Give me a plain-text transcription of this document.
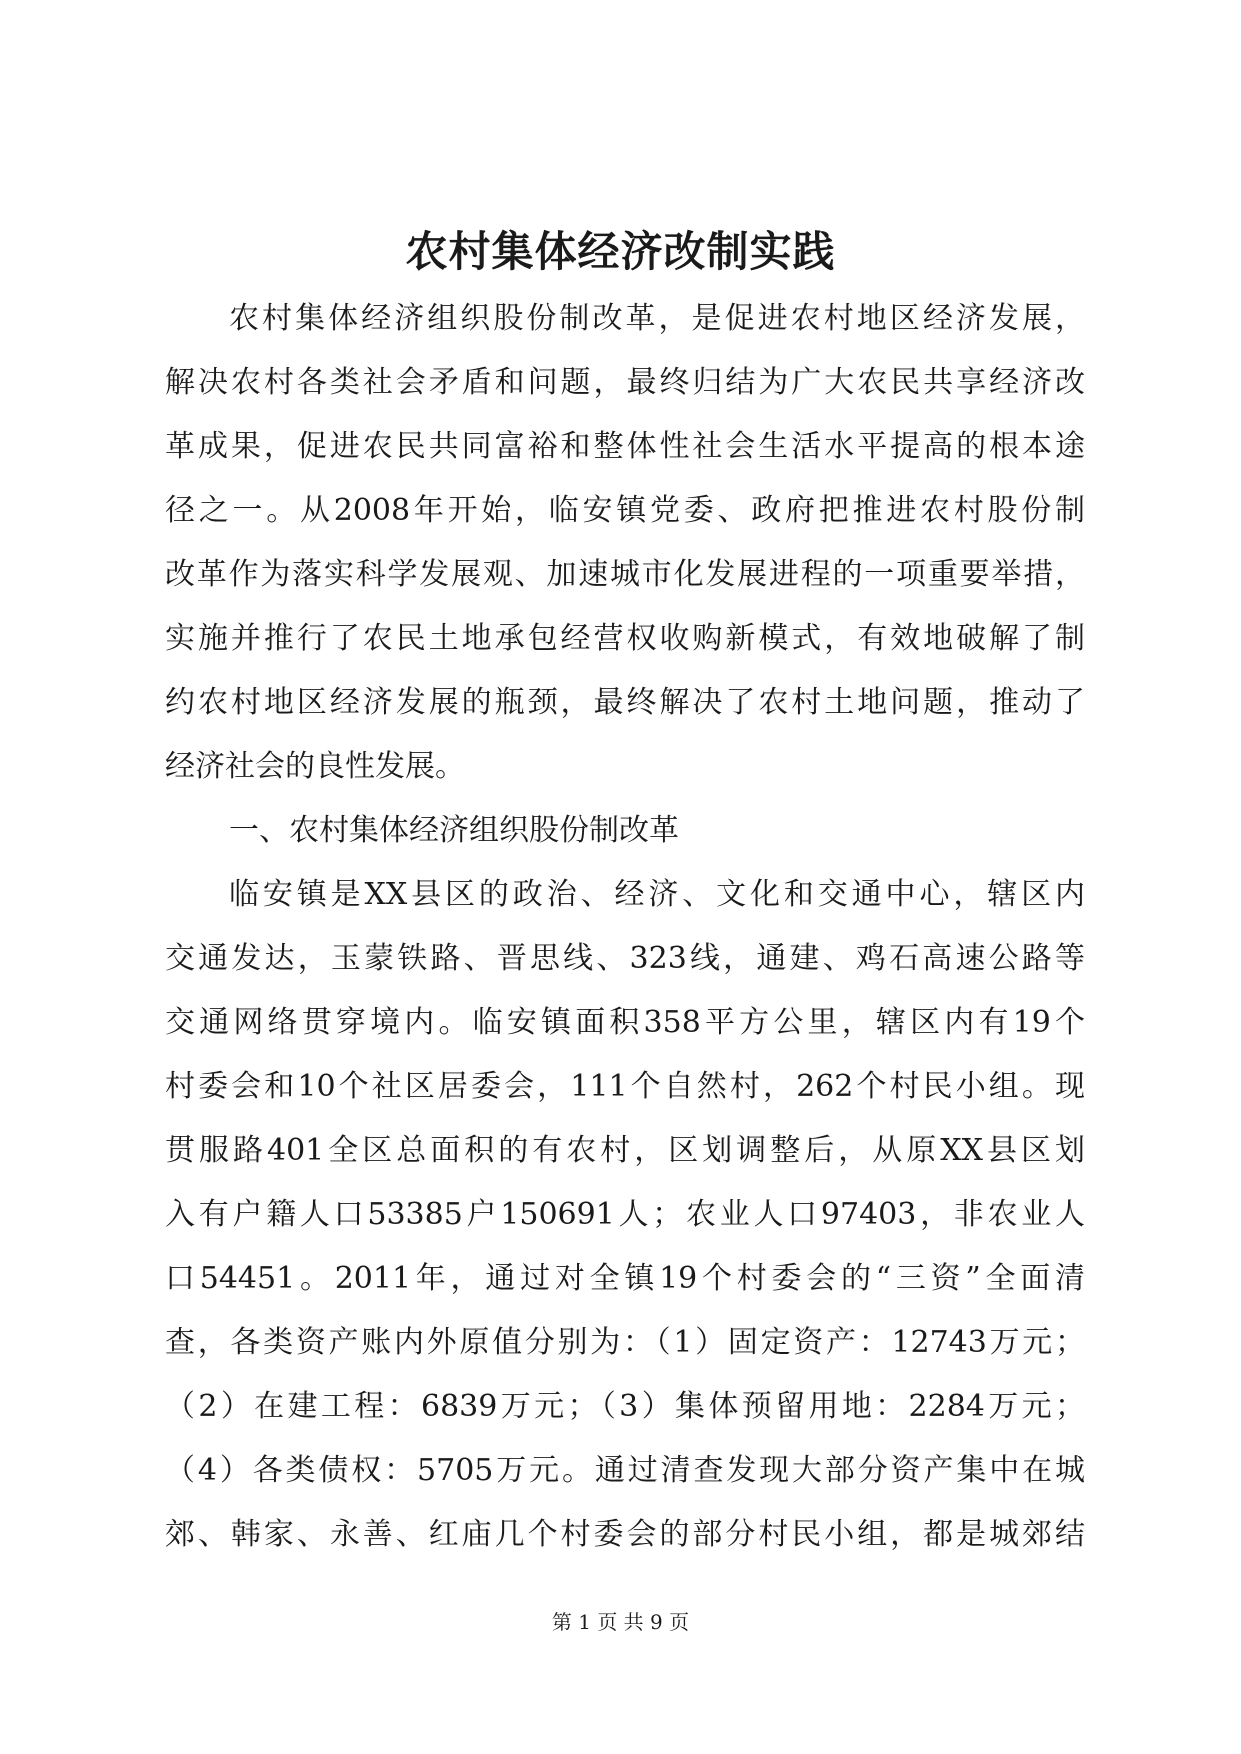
农村集体经济改制实践
农村集体经济组织股份制改革，是促进农村地区经济发展，
解决农村各类社会矛盾和问题，最终归结为广大农民共享经济改
革成果，促进农民共同富裕和整体性社会生活水平提高的根本途
径之一。从2008年开始，临安镇党委、政府把推进农村股份制
改革作为落实科学发展观、加速城市化发展进程的一项重要举措，
实施并推行了农民土地承包经营权收购新模式，有效地破解了制
约农村地区经济发展的瓶颈，最终解决了农村土地问题，推动了
经济社会的良性发展。
一、农村集体经济组织股份制改革
临安镇是XX县区的政治、经济、文化和交通中心，辖区内
交通发达，玉蒙铁路、晋思线、323线，通建、鸡石高速公路等
交通网络贯穿境内。临安镇面积358平方公里，辖区内有19个
村委会和10个社区居委会，111个自然村，262个村民小组。现
贯服路401全区总面积的有农村，区划调整后，从原XX县区划
入有户籍人口53385户150691人；农业人口97403，非农业人
口54451。2011年，通过对全镇19个村委会的“三资”全面清
查，各类资产账内外原值分别为：（1）固定资产：12743万元；
（2）在建工程：6839万元；（3）集体预留用地：2284万元；
（4）各类债权：5705万元。通过清查发现大部分资产集中在城
郊、韩家、永善、红庙几个村委会的部分村民小组，都是城郊结
第 1 页 共 9 页
